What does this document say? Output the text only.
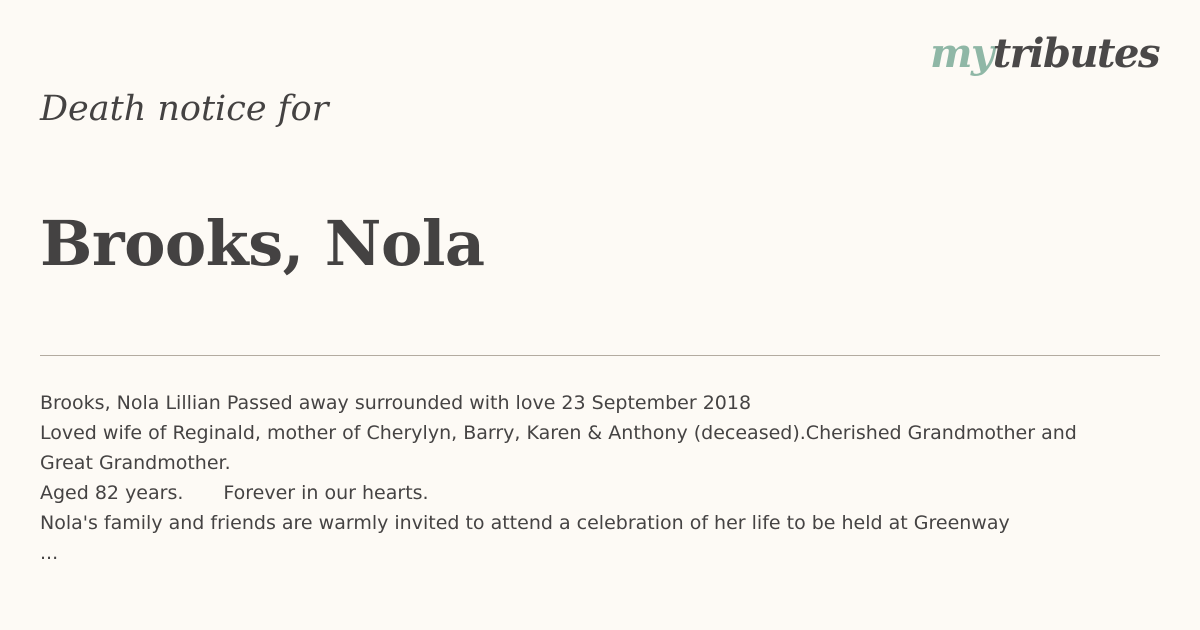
mytributes
Death notice for
Brooks, Nola
Brooks, Nola Lillian Passed away surrounded with love 23 September 2018
Loved wife of Reginald, mother of Cherylyn, Barry, Karen & Anthony (deceased).Cherished Grandmother and
Great Grandmother.
Aged 82 years. Forever in our hearts.
Nola's family and friends are warmly invited to attend a celebration of her life to be held at Greenway
...
